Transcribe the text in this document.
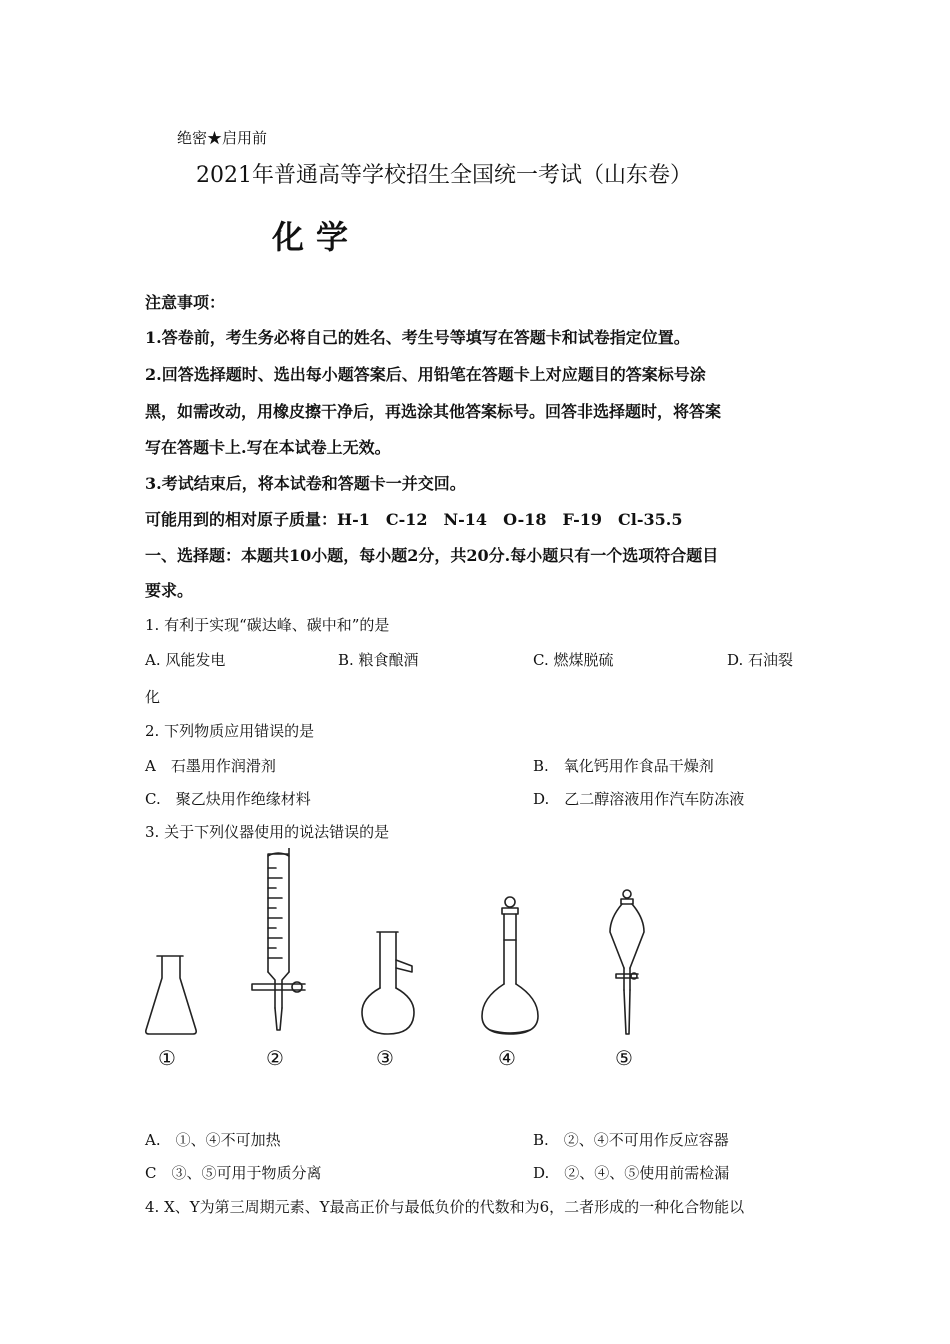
绝密★启用前
2021年普通高等学校招生全国统一考试（山东卷）
化学
注意事项：
1.答卷前，考生务必将自己的姓名、考生号等填写在答题卡和试卷指定位置。
2.回答选择题时、选出每小题答案后、用铅笔在答题卡上对应题目的答案标号涂
黑，如需改动，用橡皮擦干净后，再选涂其他答案标号。回答非选择题时，将答案
写在答题卡上.写在本试卷上无效。
3.考试结束后，将本试卷和答题卡一并交回。
可能用到的相对原子质量：H-1　C-12　N-14　O-18　F-19　Cl-35.5
一、选择题：本题共10小题，每小题2分，共20分.每小题只有一个选项符合题目
要求。
1. 有利于实现“碳达峰、碳中和”的是
A. 风能发电	B. 粮食酿酒	C. 燃煤脱硫	D. 石油裂
化
2. 下列物质应用错误的是
A　石墨用作润滑剂	B.　氧化钙用作食品干燥剂
C.　聚乙炔用作绝缘材料	D.　乙二醇溶液用作汽车防冻液
3. 关于下列仪器使用的说法错误的是
①	②	③	④	⑤
A.　①、④不可加热	B.　②、④不可用作反应容器
C　③、⑤可用于物质分离	D.　②、④、⑤使用前需检漏
4. X、Y为第三周期元素、Y最高正价与最低负价的代数和为6，二者形成的一种化合物能以
